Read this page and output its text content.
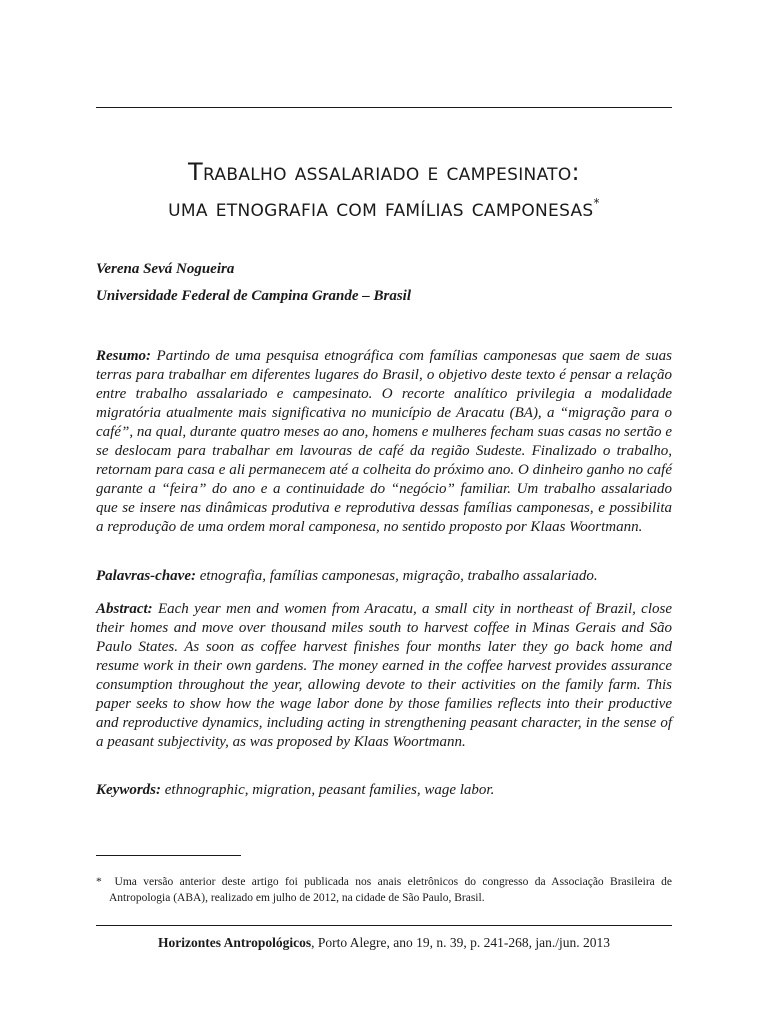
Trabalho assalariado e campesinato:
uma etnografia com famílias camponesas*
Verena Sevá Nogueira
Universidade Federal de Campina Grande – Brasil

Resumo: Partindo de uma pesquisa etnográfica com famílias camponesas que saem de suas terras para trabalhar em diferentes lugares do Brasil, o objetivo deste texto é pensar a relação entre trabalho assalariado e campesinato. O recorte analítico privilegia a modalidade migratória atualmente mais significativa no município de Aracatu (BA), a “migração para o café”, na qual, durante quatro meses ao ano, homens e mulheres fecham suas casas no sertão e se deslocam para trabalhar em lavouras de café da região Sudeste. Finalizado o trabalho, retornam para casa e ali permanecem até a colheita do próximo ano. O dinheiro ganho no café garante a “feira” do ano e a continuidade do “negócio” familiar. Um trabalho assalariado que se insere nas dinâmicas produtiva e reprodutiva dessas famílias camponesas, e possibilita a reprodução de uma ordem moral camponesa, no sentido proposto por Klaas Woortmann.

Palavras-chave: etnografia, famílias camponesas, migração, trabalho assalariado.

Abstract: Each year men and women from Aracatu, a small city in northeast of Brazil, close their homes and move over thousand miles south to harvest coffee in Minas Gerais and São Paulo States. As soon as coffee harvest finishes four months later they go back home and resume work in their own gardens. The money earned in the coffee harvest provides assurance consumption throughout the year, allowing devote to their activities on the family farm. This paper seeks to show how the wage labor done by those families reflects into their productive and reproductive dynamics, including acting in strengthening peasant character, in the sense of a peasant subjectivity, as was proposed by Klaas Woortmann.

Keywords: ethnographic, migration, peasant families, wage labor.

* Uma versão anterior deste artigo foi publicada nos anais eletrônicos do congresso da Associação Brasileira de Antropologia (ABA), realizado em julho de 2012, na cidade de São Paulo, Brasil.

Horizontes Antropológicos, Porto Alegre, ano 19, n. 39, p. 241-268, jan./jun. 2013
